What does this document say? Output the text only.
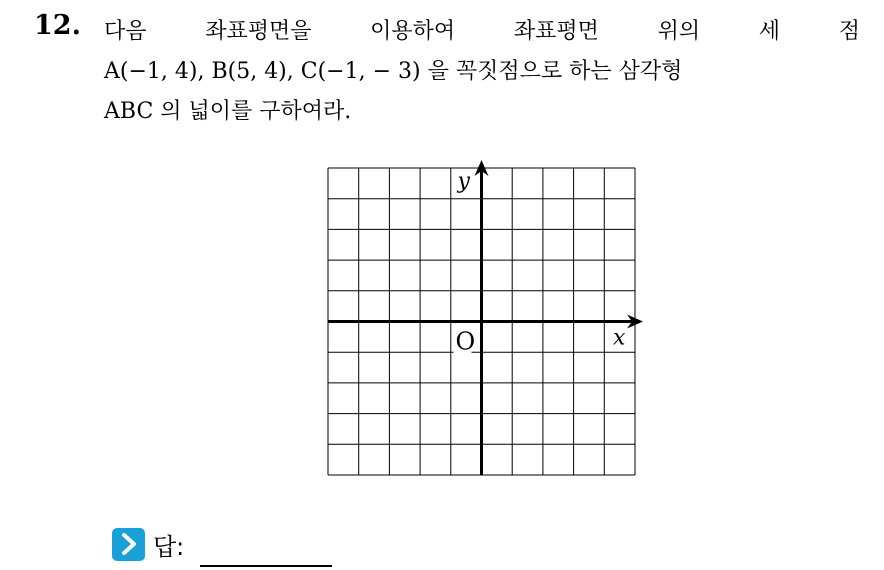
12. 다음	좌표평면을	이용하여	좌표평면	위의	세	점
A(−1, 4), B(5, 4), C(−1, − 3) 을 꼭짓점으로 하는 삼각형
ABC 의 넓이를 구하여라.
y
x
O
답:
